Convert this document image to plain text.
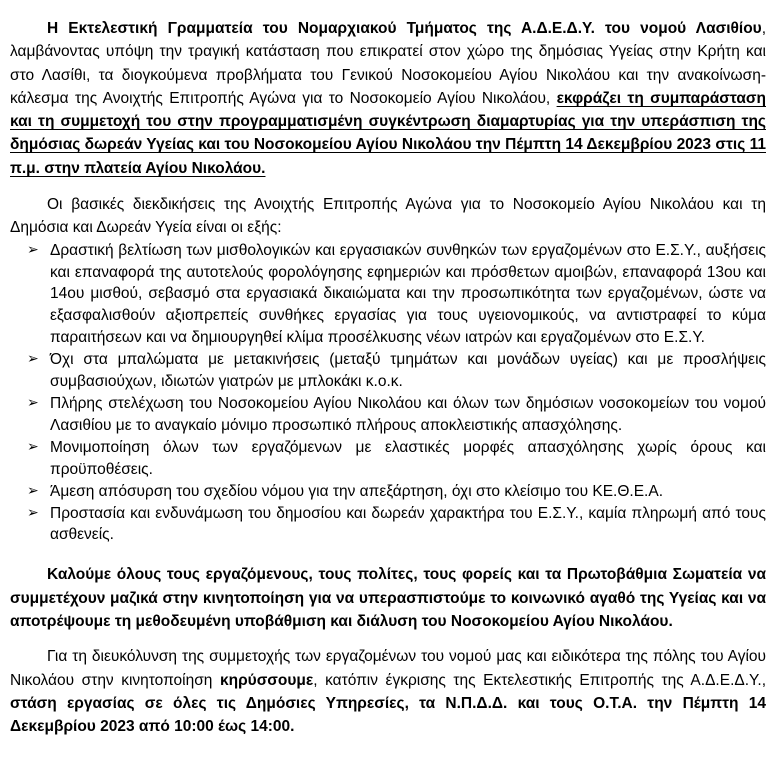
Η Εκτελεστική Γραμματεία του Νομαρχιακού Τμήματος της Α.Δ.Ε.Δ.Υ. του νομού Λασιθίου, λαμβάνοντας υπόψη την τραγική κατάσταση που επικρατεί στον χώρο της δημόσιας Υγείας στην Κρήτη και στο Λασίθι, τα διογκούμενα προβλήματα του Γενικού Νοσοκομείου Αγίου Νικολάου και την ανακοίνωση-κάλεσμα της Ανοιχτής Επιτροπής Αγώνα για το Νοσοκομείο Αγίου Νικολάου, εκφράζει τη συμπαράσταση και τη συμμετοχή του στην προγραμματισμένη συγκέντρωση διαμαρτυρίας για την υπεράσπιση της δημόσιας δωρεάν Υγείας και του Νοσοκομείου Αγίου Νικολάου την Πέμπτη 14 Δεκεμβρίου 2023 στις 11 π.μ. στην πλατεία Αγίου Νικολάου.

Οι βασικές διεκδικήσεις της Ανοιχτής Επιτροπής Αγώνα για το Νοσοκομείο Αγίου Νικολάου και τη Δημόσια και Δωρεάν Υγεία είναι οι εξής:

➢ Δραστική βελτίωση των μισθολογικών και εργασιακών συνθηκών των εργαζομένων στο Ε.Σ.Υ., αυξήσεις και επαναφορά της αυτοτελούς φορολόγησης εφημεριών και πρόσθετων αμοιβών, επαναφορά 13ου και 14ου μισθού, σεβασμό στα εργασιακά δικαιώματα και την προσωπικότητα των εργαζομένων, ώστε να εξασφαλισθούν αξιοπρεπείς συνθήκες εργασίας για τους υγειονομικούς, να αντιστραφεί το κύμα παραιτήσεων και να δημιουργηθεί κλίμα προσέλκυσης νέων ιατρών και εργαζομένων στο Ε.Σ.Υ.
➢ Όχι στα μπαλώματα με μετακινήσεις (μεταξύ τμημάτων και μονάδων υγείας) και με προσλήψεις συμβασιούχων, ιδιωτών γιατρών με μπλοκάκι κ.ο.κ.
➢ Πλήρης στελέχωση του Νοσοκομείου Αγίου Νικολάου και όλων των δημόσιων νοσοκομείων του νομού Λασιθίου με το αναγκαίο μόνιμο προσωπικό πλήρους αποκλειστικής απασχόλησης.
➢ Μονιμοποίηση όλων των εργαζόμενων με ελαστικές μορφές απασχόλησης χωρίς όρους και προϋποθέσεις.
➢ Άμεση απόσυρση του σχεδίου νόμου για την απεξάρτηση, όχι στο κλείσιμο του ΚΕ.Θ.Ε.Α.
➢ Προστασία και ενδυνάμωση του δημοσίου και δωρεάν χαρακτήρα του Ε.Σ.Υ., καμία πληρωμή από τους ασθενείς.

Καλούμε όλους τους εργαζόμενους, τους πολίτες, τους φορείς και τα Πρωτοβάθμια Σωματεία να συμμετέχουν μαζικά στην κινητοποίηση για να υπερασπιστούμε το κοινωνικό αγαθό της Υγείας και να αποτρέψουμε τη μεθοδευμένη υποβάθμιση και διάλυση του Νοσοκομείου Αγίου Νικολάου.

Για τη διευκόλυνση της συμμετοχής των εργαζομένων του νομού μας και ειδικότερα της πόλης του Αγίου Νικολάου στην κινητοποίηση κηρύσσουμε, κατόπιν έγκρισης της Εκτελεστικής Επιτροπής της Α.Δ.Ε.Δ.Υ., στάση εργασίας σε όλες τις Δημόσιες Υπηρεσίες, τα Ν.Π.Δ.Δ. και τους Ο.Τ.Α. την Πέμπτη 14 Δεκεμβρίου 2023 από 10:00 έως 14:00.
